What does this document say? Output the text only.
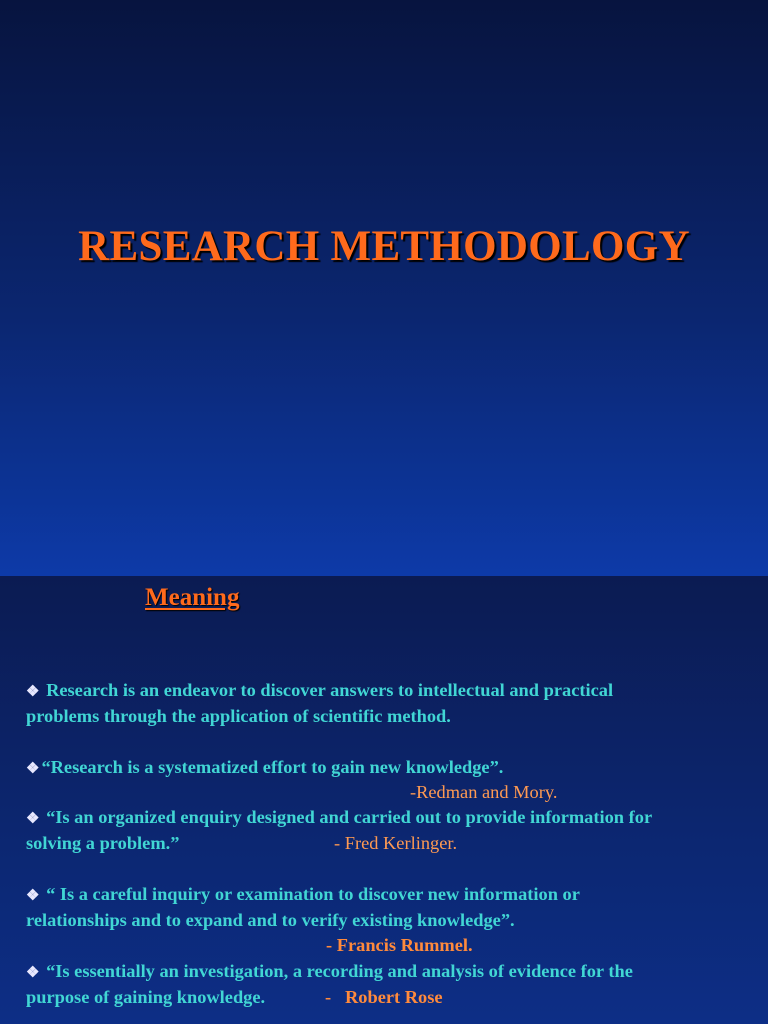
RESEARCH METHODOLOGY
Meaning
❖ Research is an endeavor to discover answers to intellectual and practical
problems through the application of scientific method.
❖ “Research is a systematized effort to gain new knowledge”.
-Redman and Mory.
❖ “Is an organized enquiry designed and carried out to provide information for
solving a problem.”	- Fred Kerlinger.
❖ “ Is a careful inquiry or examination to discover new information or
relationships and to expand and to verify existing knowledge”.
- Francis Rummel.
❖ “Is essentially an investigation, a recording and analysis of evidence for the
purpose of gaining knowledge.	- Robert Rose
